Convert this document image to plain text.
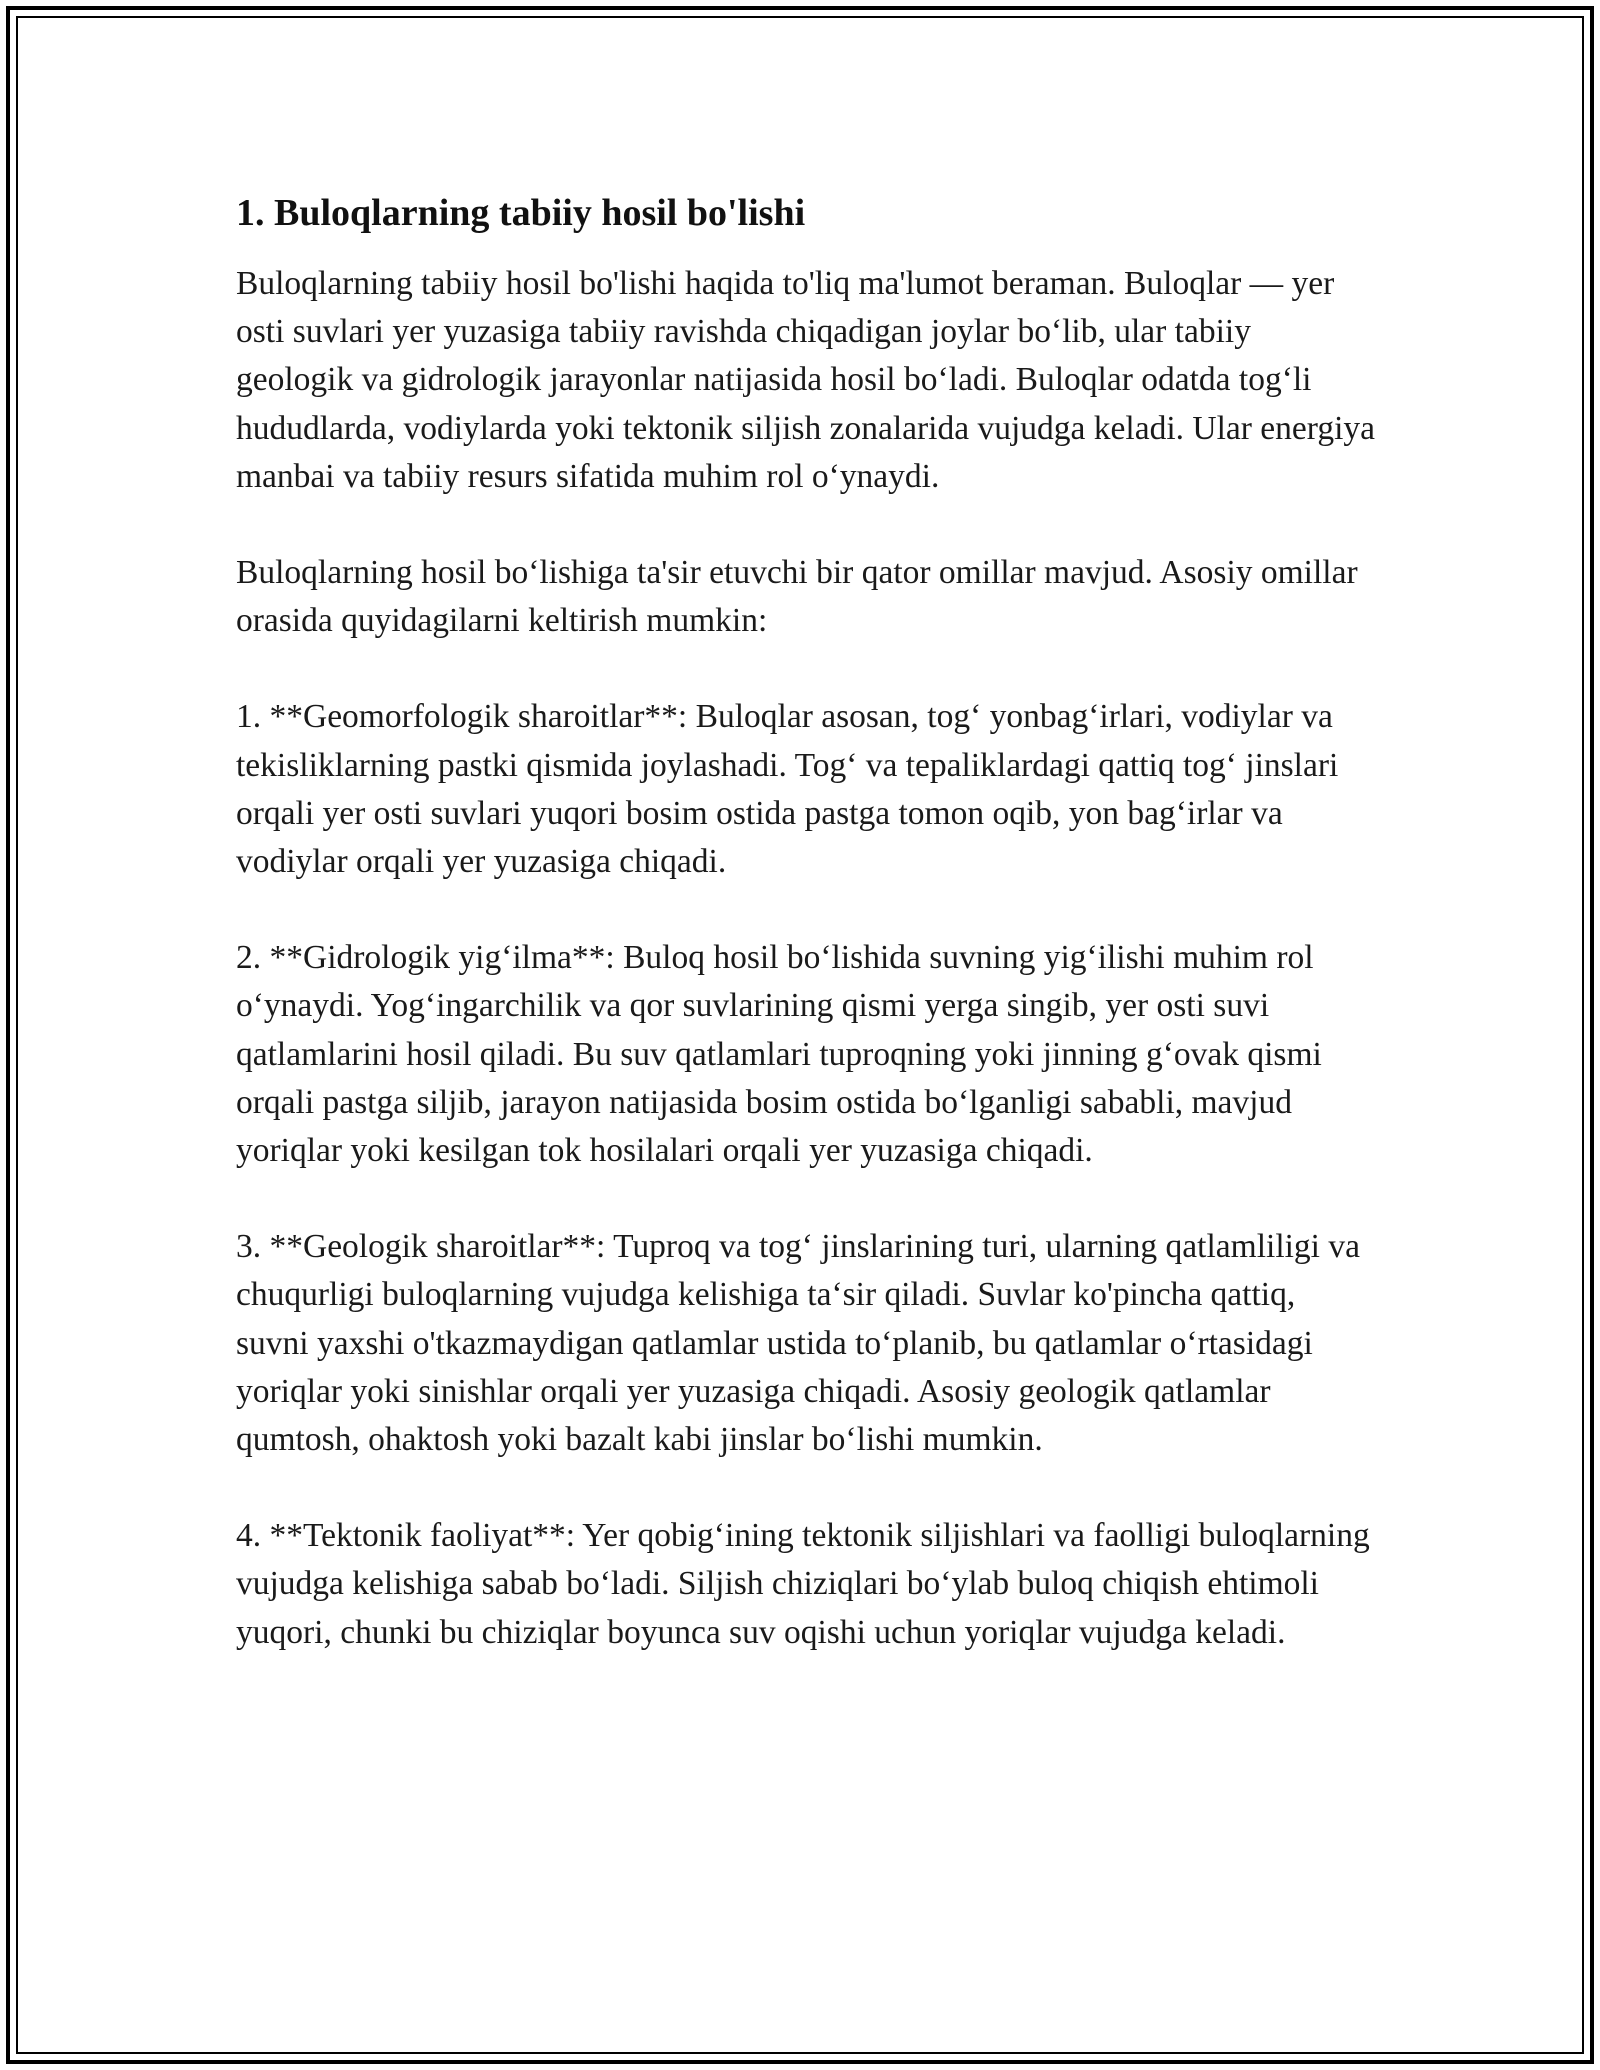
1. Buloqlarning tabiiy hosil bo'lishi

Buloqlarning tabiiy hosil bo'lishi haqida to'liq ma'lumot beraman. Buloqlar — yer osti suvlari yer yuzasiga tabiiy ravishda chiqadigan joylar bo‘lib, ular tabiiy geologik va gidrologik jarayonlar natijasida hosil bo‘ladi. Buloqlar odatda tog‘li hududlarda, vodiylarda yoki tektonik siljish zonalarida vujudga keladi. Ular energiya manbai va tabiiy resurs sifatida muhim rol o‘ynaydi.

Buloqlarning hosil bo‘lishiga ta'sir etuvchi bir qator omillar mavjud. Asosiy omillar orasida quyidagilarni keltirish mumkin:

1. **Geomorfologik sharoitlar**: Buloqlar asosan, tog‘ yonbag‘irlari, vodiylar va tekisliklarning pastki qismida joylashadi. Tog‘ va tepaliklardagi qattiq tog‘ jinslari orqali yer osti suvlari yuqori bosim ostida pastga tomon oqib, yon bag‘irlar va vodiylar orqali yer yuzasiga chiqadi.

2. **Gidrologik yig‘ilma**: Buloq hosil bo‘lishida suvning yig‘ilishi muhim rol o‘ynaydi. Yog‘ingarchilik va qor suvlarining qismi yerga singib, yer osti suvi qatlamlarini hosil qiladi. Bu suv qatlamlari tuproqning yoki jinning g‘ovak qismi orqali pastga siljib, jarayon natijasida bosim ostida bo‘lganligi sababli, mavjud yoriqlar yoki kesilgan tok hosilalari orqali yer yuzasiga chiqadi.

3. **Geologik sharoitlar**: Tuproq va tog‘ jinslarining turi, ularning qatlamliligi va chuqurligi buloqlarning vujudga kelishiga ta‘sir qiladi. Suvlar ko'pincha qattiq, suvni yaxshi o'tkazmaydigan qatlamlar ustida to‘planib, bu qatlamlar o‘rtasidagi yoriqlar yoki sinishlar orqali yer yuzasiga chiqadi. Asosiy geologik qatlamlar qumtosh, ohaktosh yoki bazalt kabi jinslar bo‘lishi mumkin.

4. **Tektonik faoliyat**: Yer qobig‘ining tektonik siljishlari va faolligi buloqlarning vujudga kelishiga sabab bo‘ladi. Siljish chiziqlari bo‘ylab buloq chiqish ehtimoli yuqori, chunki bu chiziqlar boyunca suv oqishi uchun yoriqlar vujudga keladi.
